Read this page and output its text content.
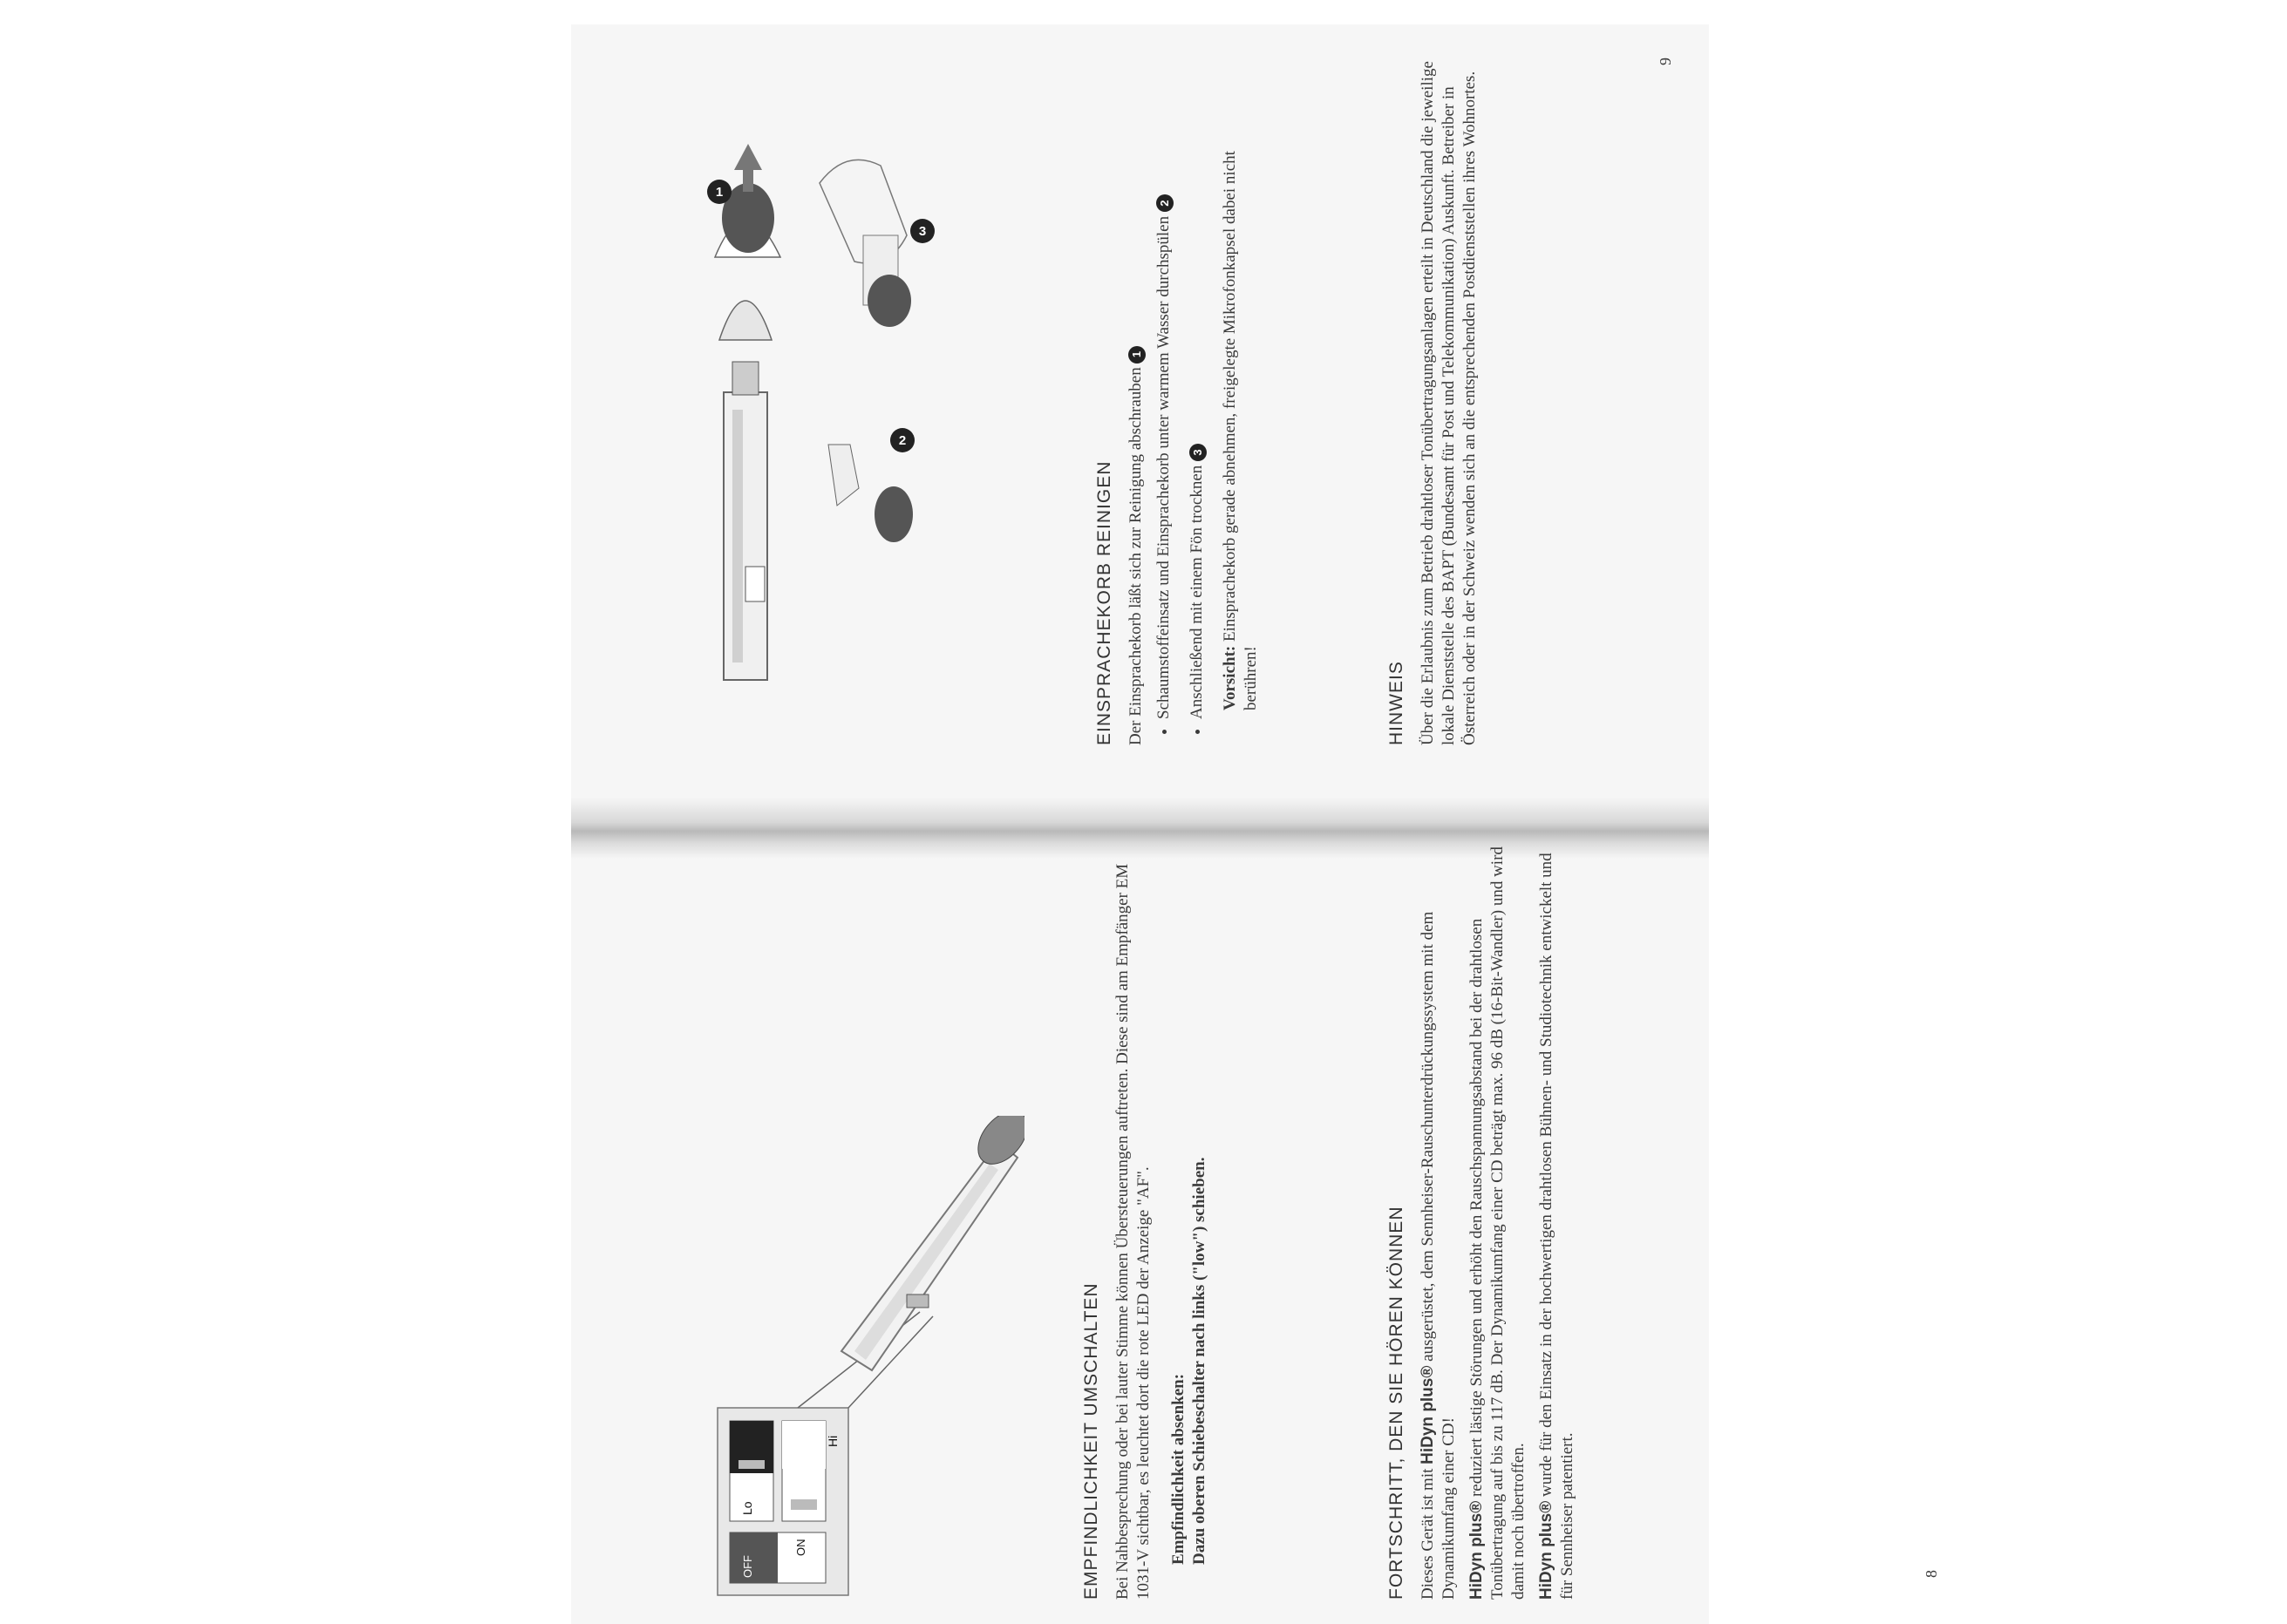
Lo
Hi
OFF
ON	EMPFINDLICHKEIT UMSCHALTEN Bei Nahbesprechung oder bei lauter Stimme können Übersteuerungen auftreten. Diese sind am Empfänger EM 1031-V sichtbar, es leuchtet dort die rote LED der Anzeige "AF". Empfindlichkeit absenken: Dazu oberen Schiebeschalter nach links ("low") schieben.	FORTSCHRITT, DEN SIE HÖREN KÖNNEN Dieses Gerät ist mit HiDyn plus® ausgerüstet, dem Sennheiser-Rauschunterdrückungssystem mit dem Dynamikumfang einer CD! HiDyn plus® reduziert lästige Störungen und erhöht den Rauschspannungsabstand bei der drahtlosen Tonübertragung auf bis zu 117 dB. Der Dynamikumfang einer CD beträgt max. 96 dB (16-Bit-Wandler) und wird damit noch übertroffen. HiDyn plus® wurde für den Einsatz in der hochwertigen drahtlosen Bühnen- und Studiotechnik entwickelt und für Sennheiser patentiert.	8
1
2
3
EINSPRACHEKORB REINIGEN Der Einsprachekorb läßt sich zur Reinigung abschrauben 1

• Schaumstoffeinsatz und Einsprachekorb unter warmem Wasser durchspülen 2
• Anschließend mit einem Fön trocknen 3

Vorsicht: Einsprachekorb gerade abnehmen, freigelegte Mikrofonkapsel dabei nicht berühren!	HINWEIS Über die Erlaubnis zum Betrieb drahtloser Tonübertragungsanlagen erteilt in Deutschland die jeweilige lokale Dienststelle des BAPT (Bundesamt für Post und Telekommunikation) Auskunft. Betreiber in Österreich oder in der Schweiz wenden sich an die entsprechenden Postdienststellen ihres Wohnortes.

9
